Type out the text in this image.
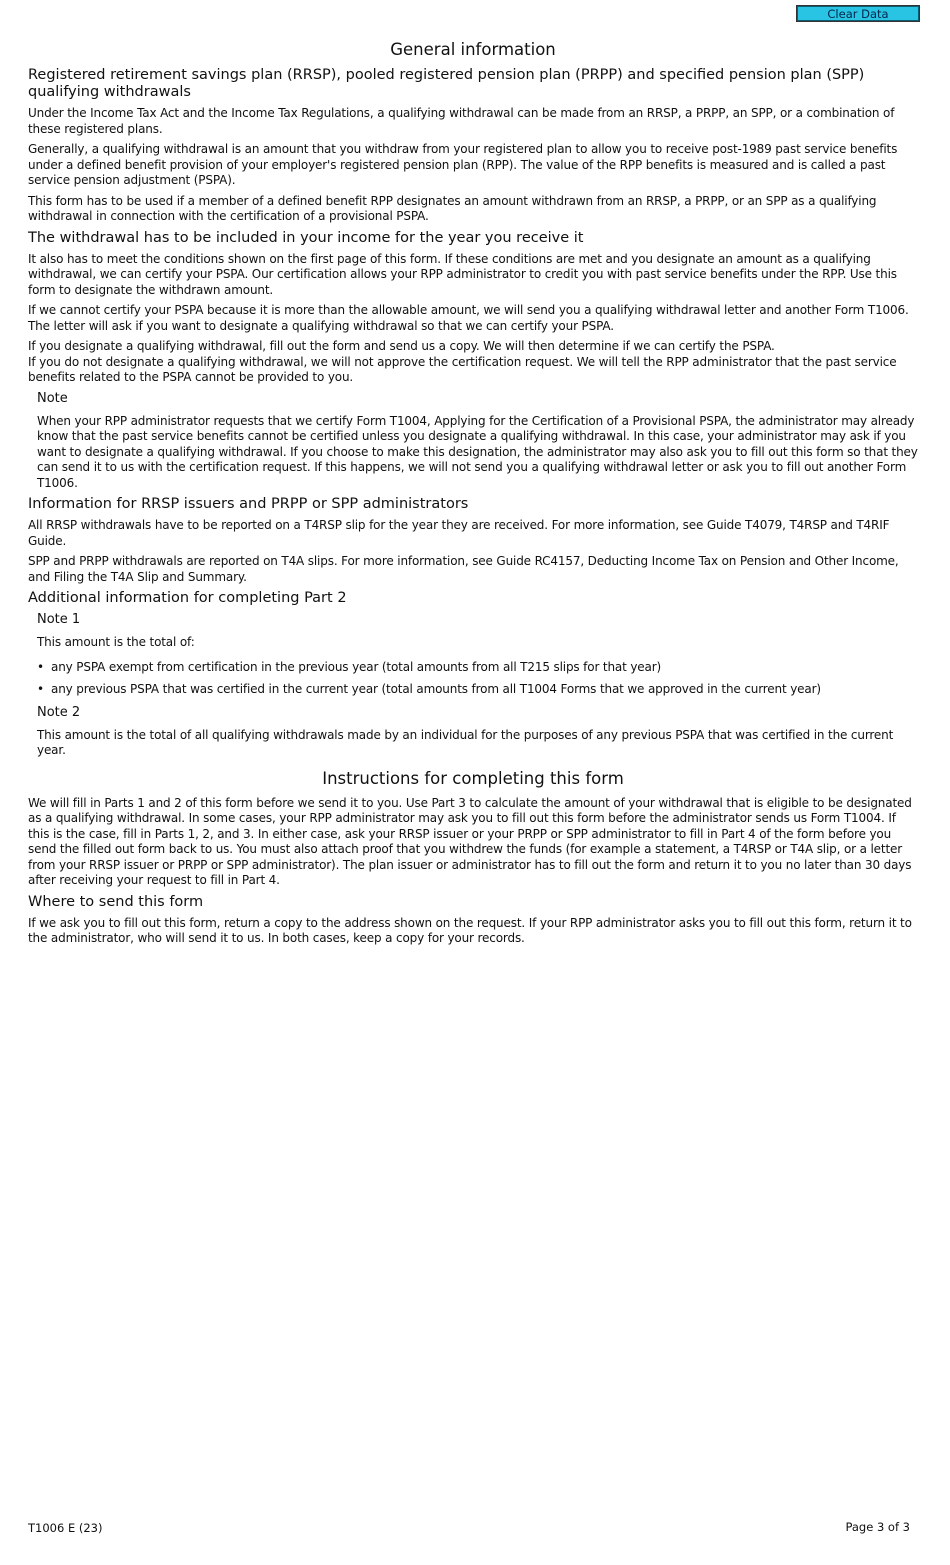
Clear Data
General information
Registered retirement savings plan (RRSP), pooled registered pension plan (PRPP) and specified pension plan (SPP) qualifying withdrawals

Under the Income Tax Act and the Income Tax Regulations, a qualifying withdrawal can be made from an RRSP, a PRPP, an SPP, or a combination of these registered plans.

Generally, a qualifying withdrawal is an amount that you withdraw from your registered plan to allow you to receive post-1989 past service benefits under a defined benefit provision of your employer's registered pension plan (RPP). The value of the RPP benefits is measured and is called a past service pension adjustment (PSPA).

This form has to be used if a member of a defined benefit RPP designates an amount withdrawn from an RRSP, a PRPP, or an SPP as a qualifying withdrawal in connection with the certification of a provisional PSPA.

The withdrawal has to be included in your income for the year you receive it

It also has to meet the conditions shown on the first page of this form. If these conditions are met and you designate an amount as a qualifying withdrawal, we can certify your PSPA. Our certification allows your RPP administrator to credit you with past service benefits under the RPP. Use this form to designate the withdrawn amount.

If we cannot certify your PSPA because it is more than the allowable amount, we will send you a qualifying withdrawal letter and another Form T1006. The letter will ask if you want to designate a qualifying withdrawal so that we can certify your PSPA.

If you designate a qualifying withdrawal, fill out the form and send us a copy. We will then determine if we can certify the PSPA.

If you do not designate a qualifying withdrawal, we will not approve the certification request. We will tell the RPP administrator that the past service benefits related to the PSPA cannot be provided to you.

Note

When your RPP administrator requests that we certify Form T1004, Applying for the Certification of a Provisional PSPA, the administrator may already know that the past service benefits cannot be certified unless you designate a qualifying withdrawal. In this case, your administrator may ask if you want to designate a qualifying withdrawal. If you choose to make this designation, the administrator may also ask you to fill out this form so that they can send it to us with the certification request. If this happens, we will not send you a qualifying withdrawal letter or ask you to fill out another Form T1006.

Information for RRSP issuers and PRPP or SPP administrators

All RRSP withdrawals have to be reported on a T4RSP slip for the year they are received. For more information, see Guide T4079, T4RSP and T4RIF Guide.

SPP and PRPP withdrawals are reported on T4A slips. For more information, see Guide RC4157, Deducting Income Tax on Pension and Other Income, and Filing the T4A Slip and Summary.

Additional information for completing Part 2
Note 1

This amount is the total of:

• any PSPA exempt from certification in the previous year (total amounts from all T215 slips for that year)
• any previous PSPA that was certified in the current year (total amounts from all T1004 Forms that we approved in the current year)
Note 2

This amount is the total of all qualifying withdrawals made by an individual for the purposes of any previous PSPA that was certified in the current year.

Instructions for completing this form

We will fill in Parts 1 and 2 of this form before we send it to you. Use Part 3 to calculate the amount of your withdrawal that is eligible to be designated as a qualifying withdrawal. In some cases, your RPP administrator may ask you to fill out this form before the administrator sends us Form T1004. If this is the case, fill in Parts 1, 2, and 3. In either case, ask your RRSP issuer or your PRPP or SPP administrator to fill in Part 4 of the form before you send the filled out form back to us. You must also attach proof that you withdrew the funds (for example a statement, a T4RSP or T4A slip, or a letter from your RRSP issuer or PRPP or SPP administrator). The plan issuer or administrator has to fill out the form and return it to you no later than 30 days after receiving your request to fill in Part 4.

Where to send this form

If we ask you to fill out this form, return a copy to the address shown on the request. If your RPP administrator asks you to fill out this form, return it to the administrator, who will send it to us. In both cases, keep a copy for your records.

T1006 E (23)	Page 3 of 3
